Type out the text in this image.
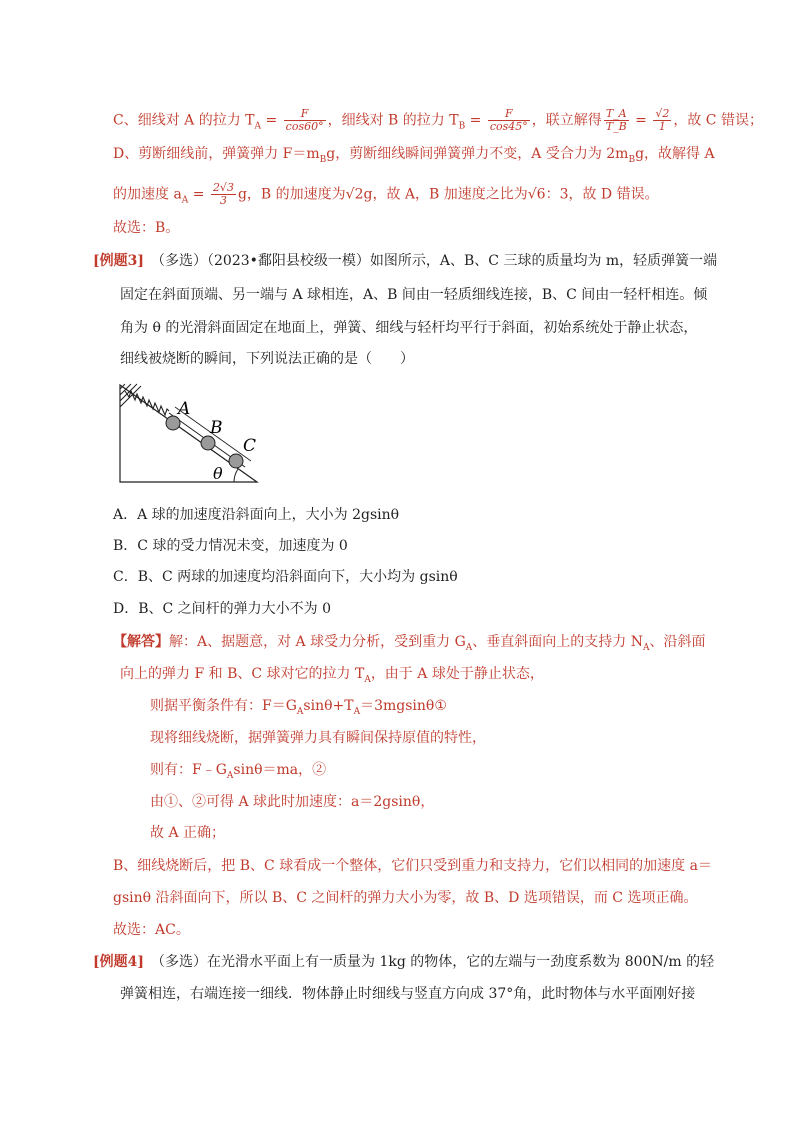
C、细线对 A 的拉力 $T_A = \frac{F}{\cos 60^\circ}$ ，细线对 B 的拉力 $T_B = \frac{F}{\cos 45^\circ}$ ，联立解得 $\frac{T\_A}{T\_B} = \frac{√2}{1}$ ，故 C 错误；
D、剪断细线前，弹簧弹力 $F=m_Bg$，剪断细线瞬间弹簧弹力不变，A 受合力为 $2m_Bg$，故解得 A
的加速度 $a_A = \frac{2√3}{3}$ g，B 的加速度为√2g，故 A，B 加速度之比为√6：3，故 D 错误。
故选：B。
[例题3]　 （多选）（2023•鄱阳县校级一模）如图所示，A、B、C 三球的质量均为 m，轻质弹簧一端
固定在斜面顶端、另一端与 A 球相连，A、B 间由一轻质细线连接，B、C 间由一轻杆相连。倾
角为 θ 的光滑斜面固定在地面上，弹簧、细线与轻杆均平行于斜面，初始系统处于静止状态，
细线被烧断的瞬间，下列说法正确的是（　　）
A
B
C
θ
A．A 球的加速度沿斜面向上，大小为 2gsinθ
B．C 球的受力情况未变，加速度为 0
C．B、C 两球的加速度均沿斜面向下，大小均为 gsinθ
D．B、C 之间杆的弹力大小不为 0
【解答】解：A、据题意，对 A 球受力分析，受到重力 $G_A$、垂直斜面向上的支持力 $N_A$、沿斜面
向上的弹力 F 和 B、C 球对它的拉力 $T_A$，由于 A 球处于静止状态，
则据平衡条件有：$F=G_A\sin\theta+T_A=3mgsin\theta ①$
现将细线烧断，据弹簧弹力具有瞬间保持原值的特性，
则有：$F﹣G_A\sin\theta=ma$，②
由①、②可得 A 球此时加速度：a＝2gsinθ，
故 A 正确；
B、细线烧断后，把 B、C 球看成一个整体，它们只受到重力和支持力，它们以相同的加速度 a＝
gsinθ 沿斜面向下，所以 B、C 之间杆的弹力大小为零，故 B、D 选项错误，而 C 选项正确。
故选：AC。
[例题4]　 （多选）在光滑水平面上有一质量为 1kg 的物体，它的左端与一劲度系数为 800N/m 的轻
弹簧相连，右端连接一细线．物体静止时细线与竖直方向成 37°角，此时物体与水平面刚好接
